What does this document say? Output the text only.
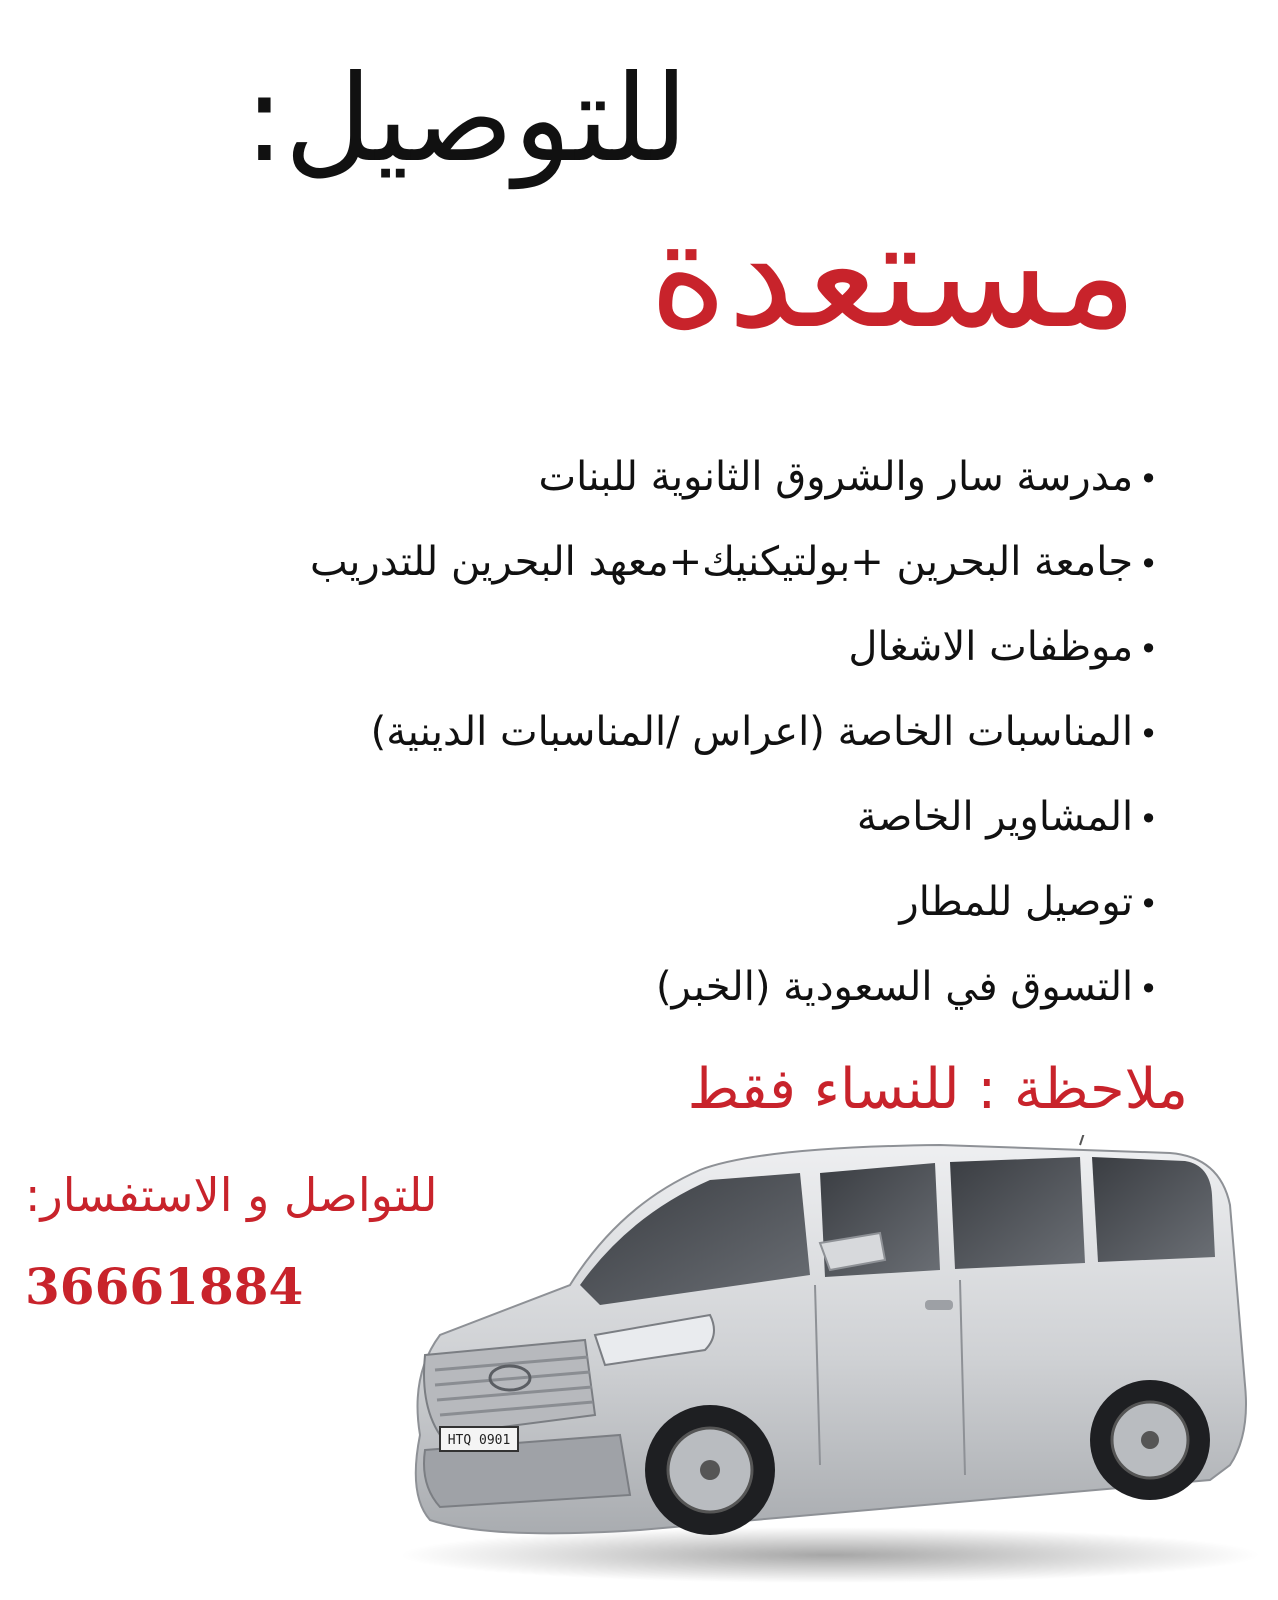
للتوصيل:
مستعدة
•مدرسة سار والشروق الثانوية للبنات
•جامعة البحرين +بولتيكنيك+معهد البحرين للتدريب
•موظفات الاشغال
•المناسبات الخاصة (اعراس /المناسبات الدينية)
•المشاوير الخاصة
•توصيل للمطار
•التسوق في السعودية (الخبر)
ملاحظة : للنساء فقط
للتواصل و الاستفسار:
36661884
HTQ 0901
